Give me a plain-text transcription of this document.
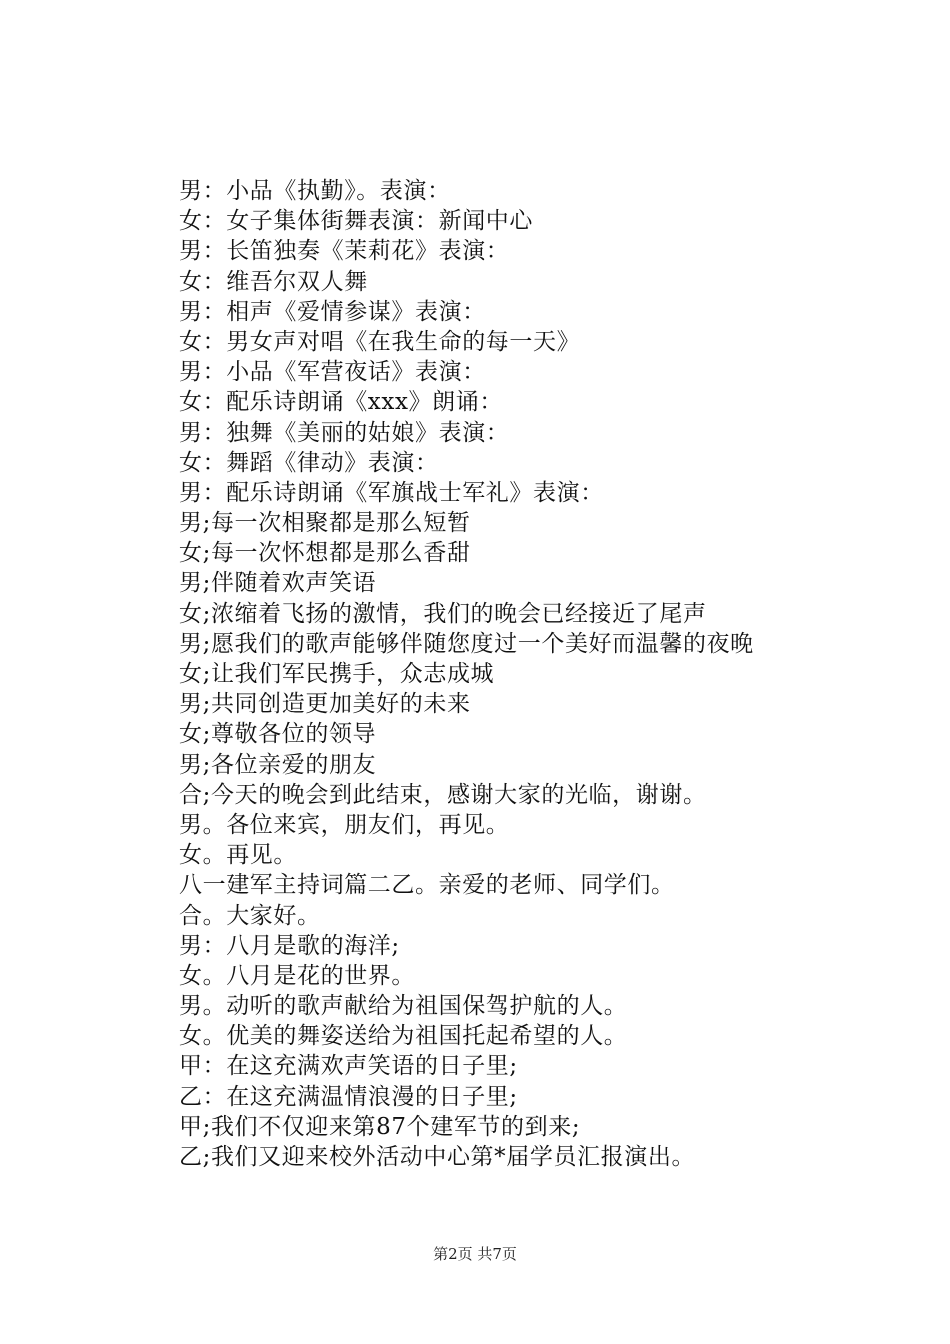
男：小品《执勤》。表演：
女：女子集体街舞表演：新闻中心
男：长笛独奏《茉莉花》表演：
女：维吾尔双人舞
男：相声《爱情参谋》表演：
女：男女声对唱《在我生命的每一天》
男：小品《军营夜话》表演：
女：配乐诗朗诵《xxx》朗诵：
男：独舞《美丽的姑娘》表演：
女：舞蹈《律动》表演：
男：配乐诗朗诵《军旗战士军礼》表演：
男;每一次相聚都是那么短暂
女;每一次怀想都是那么香甜
男;伴随着欢声笑语
女;浓缩着飞扬的激情，我们的晚会已经接近了尾声
男;愿我们的歌声能够伴随您度过一个美好而温馨的夜晚
女;让我们军民携手，众志成城
男;共同创造更加美好的未来
女;尊敬各位的领导
男;各位亲爱的朋友
合;今天的晚会到此结束，感谢大家的光临，谢谢。
男。各位来宾，朋友们，再见。
女。再见。
八一建军主持词篇二乙。亲爱的老师、同学们。
合。大家好。
男：八月是歌的海洋;
女。八月是花的世界。
男。动听的歌声献给为祖国保驾护航的人。
女。优美的舞姿送给为祖国托起希望的人。
甲：在这充满欢声笑语的日子里;
乙：在这充满温情浪漫的日子里;
甲;我们不仅迎来第87个建军节的到来;
乙;我们又迎来校外活动中心第*届学员汇报演出。
第2页 共7页
